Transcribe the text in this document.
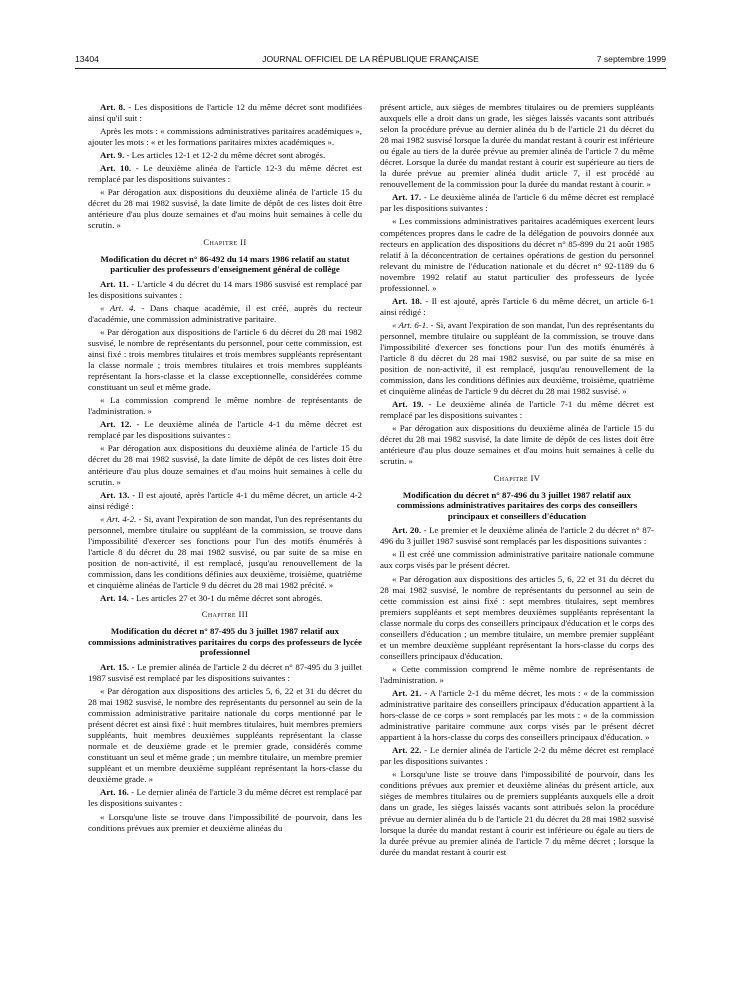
13404	JOURNAL OFFICIEL DE LA RÉPUBLIQUE FRANÇAISE	7 septembre 1999

Art. 8. - Les dispositions de l'article 12 du même décret sont modifiées ainsi qu'il suit :

Après les mots : « commissions administratives paritaires académiques », ajouter les mots : « et les formations paritaires mixtes académiques ».

Art. 9. - Les articles 12-1 et 12-2 du même décret sont abrogés.

Art. 10. - Le deuxième alinéa de l'article 12-3 du même décret est remplacé par les dispositions suivantes :

« Par dérogation aux dispositions du deuxième alinéa de l'article 15 du décret du 28 mai 1982 susvisé, la date limite de dépôt de ces listes doit être antérieure d'au plus douze semaines et d'au moins huit semaines à celle du scrutin. »

Chapitre II

Modification du décret n° 86-492 du 14 mars 1986 relatif au statut particulier des professeurs d'enseignement général de collège

Art. 11. - L'article 4 du décret du 14 mars 1986 susvisé est remplacé par les dispositions suivantes :

« Art. 4. - Dans chaque académie, il est créé, auprès du recteur d'académie, une commission administrative paritaire.

« Par dérogation aux dispositions de l'article 6 du décret du 28 mai 1982 susvisé, le nombre de représentants du personnel, pour cette commission, est ainsi fixé : trois membres titulaires et trois membres suppléants représentant la classe normale ; trois membres titulaires et trois membres suppléants représentant la hors-classe et la classe exceptionnelle, considérées comme constituant un seul et même grade.

« La commission comprend le même nombre de représentants de l'administration. »

Art. 12. - Le deuxième alinéa de l'article 4-1 du même décret est remplacé par les dispositions suivantes :

« Par dérogation aux dispositions du deuxième alinéa de l'article 15 du décret du 28 mai 1982 susvisé, la date limite de dépôt de ces listes doit être antérieure d'au plus douze semaines et d'au moins huit semaines à celle du scrutin. »

Art. 13. - Il est ajouté, après l'article 4-1 du même décret, un article 4-2 ainsi rédigé :

« Art. 4-2. - Si, avant l'expiration de son mandat, l'un des représentants du personnel, membre titulaire ou suppléant de la commission, se trouve dans l'impossibilité d'exercer ses fonctions pour l'un des motifs énumérés à l'article 8 du décret du 28 mai 1982 susvisé, ou par suite de sa mise en position de non-activité, il est remplacé, jusqu'au renouvellement de la commission, dans les conditions définies aux deuxième, troisième, quatrième et cinquième alinéas de l'article 9 du décret du 28 mai 1982 précité. »

Art. 14. - Les articles 27 et 30-1 du même décret sont abrogés.

Chapitre III

Modification du décret n° 87-495 du 3 juillet 1987 relatif aux commissions administratives paritaires du corps des professeurs de lycée professionnel

Art. 15. - Le premier alinéa de l'article 2 du décret n° 87-495 du 3 juillet 1987 susvisé est remplacé par les dispositions suivantes :

« Par dérogation aux dispositions des articles 5, 6, 22 et 31 du décret du 28 mai 1982 susvisé, le nombre des représentants du personnel au sein de la commission administrative paritaire nationale du corps mentionné par le présent décret est ainsi fixé : huit membres titulaires, huit membres premiers suppléants, huit membres deuxièmes suppléants représentant la classe normale et de deuxième grade et le premier grade, considérés comme constituant un seul et même grade ; un membre titulaire, un membre premier suppléant et un membre deuxième suppléant représentant la hors-classe du deuxième grade. »

Art. 16. - Le dernier alinéa de l'article 3 du même décret est remplacé par les dispositions suivantes :

« Lorsqu'une liste se trouve dans l'impossibilité de pourvoir, dans les conditions prévues aux premier et deuxième alinéas du

présent article, aux sièges de membres titulaires ou de premiers suppléants auxquels elle a droit dans un grade, les sièges laissés vacants sont attribués selon la procédure prévue au dernier alinéa du b de l'article 21 du décret du 28 mai 1982 susvisé lorsque la durée du mandat restant à courir est inférieure ou égale au tiers de la durée prévue au premier alinéa de l'article 7 du même décret. Lorsque la durée du mandat restant à courir est supérieure au tiers de la durée prévue au premier alinéa dudit article 7, il est procédé au renouvellement de la commission pour la durée du mandat restant à courir. »

Art. 17. - Le deuxième alinéa de l'article 6 du même décret est remplacé par les dispositions suivantes :

« Les commissions administratives paritaires académiques exercent leurs compétences propres dans le cadre de la délégation de pouvoirs donnée aux recteurs en application des dispositions du décret n° 85-899 du 21 août 1985 relatif à la déconcentration de certaines opérations de gestion du personnel relevant du ministre de l'éducation nationale et du décret n° 92-1189 du 6 novembre 1992 relatif au statut particulier des professeurs de lycée professionnel. »

Art. 18. - Il est ajouté, après l'article 6 du même décret, un article 6-1 ainsi rédigé :

« Art. 6-1. - Si, avant l'expiration de son mandat, l'un des représentants du personnel, membre titulaire ou suppléant de la commission, se trouve dans l'impossibilité d'exercer ses fonctions pour l'un des motifs énumérés à l'article 8 du décret du 28 mai 1982 susvisé, ou par suite de sa mise en position de non-activité, il est remplacé, jusqu'au renouvellement de la commission, dans les conditions définies aux deuxième, troisième, quatrième et cinquième alinéas de l'article 9 du décret du 28 mai 1982 susvisé. »

Art. 19. - Le deuxième alinéa de l'article 7-1 du même décret est remplacé par les dispositions suivantes :

« Par dérogation aux dispositions du deuxième alinéa de l'article 15 du décret du 28 mai 1982 susvisé, la date limite de dépôt de ces listes doit être antérieure d'au plus douze semaines et d'au moins huit semaines à celle du scrutin. »

Chapitre IV

Modification du décret n° 87-496 du 3 juillet 1987 relatif aux commissions administratives paritaires des corps des conseillers principaux et conseillers d'éducation

Art. 20. - Le premier et le deuxième alinéa de l'article 2 du décret n° 87-496 du 3 juillet 1987 susvisé sont remplacés par les dispositions suivantes :

« Il est créé une commission administrative paritaire nationale commune aux corps visés par le présent décret.

« Par dérogation aux dispositions des articles 5, 6, 22 et 31 du décret du 28 mai 1982 susvisé, le nombre de représentants du personnel au sein de cette commission est ainsi fixé : sept membres titulaires, sept membres premiers suppléants et sept membres deuxièmes suppléants représentant la classe normale du corps des conseillers principaux d'éducation et le corps des conseillers d'éducation ; un membre titulaire, un membre premier suppléant et un membre deuxième suppléant représentant la hors-classe du corps des conseillers principaux d'éducation.

« Cette commission comprend le même nombre de représentants de l'administration. »

Art. 21. - A l'article 2-1 du même décret, les mots : « de la commission administrative paritaire des conseillers principaux d'éducation appartient à la hors-classe de ce corps » sont remplacés par les mots : « de la commission administrative paritaire commune aux corps visés par le présent décret appartient à la hors-classe du corps des conseillers principaux d'éducation. »

Art. 22. - Le dernier alinéa de l'article 2-2 du même décret est remplacé par les dispositions suivantes :

« Lorsqu'une liste se trouve dans l'impossibilité de pourvoir, dans les conditions prévues aux premier et deuxième alinéas du présent article, aux sièges de membres titulaires ou de premiers suppléants auxquels elle a droit dans un grade, les sièges laissés vacants sont attribués selon la procédure prévue au dernier alinéa du b de l'article 21 du décret du 28 mai 1982 susvisé lorsque la durée du mandat restant à courir est inférieure ou égale au tiers de la durée prévue au premier alinéa de l'article 7 du même décret ; lorsque la durée du mandat restant à courir est
